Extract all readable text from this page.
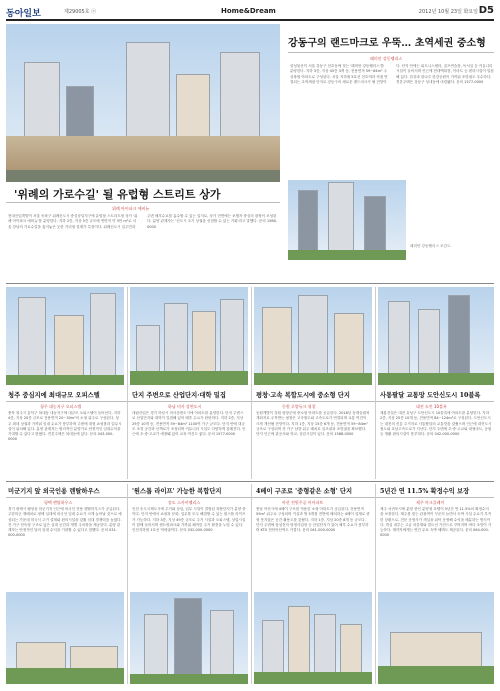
동아일보	제29005호 ⓔ	Home&Dream	2012년 10월 23일 화요일 D5
'위례의 가로수길' 될 유럽형 스트리트 상가
위례 아이파크 애비뉴
현대산업개발이 서울 송파구 위례신도시 중심상업지구에 유럽형 스트리트형 상가 '위례 아이파크 애비뉴'를 분양한다. 지하 2층, 지상 5층 규모에 연면적 약 3만 m²로 서울 강남의 가로수길을 옮겨놓은 듯한 거리형 설계가 특징이다. 위례신도시 입주민과 주변 배후수요를 흡수할 수 있는 입지로, 상가 전면에는 보행자 중심의 광장이 조성된다. 분양 관계자는 '신도시 초기 상권을 선점할 수 있는 기회'라고 말했다. 문의 1588-0000
강동구의 랜드마크로 우뚝… 초역세권 중소형
래미안 강동팰리스
삼성물산이 서울 강동구 천호동에 짓는 '래미안 강동팰리스'를 분양한다. 지하 3층, 지상 45층 3개 동, 전용면적 59~84m² 주상복합 아파트로 구성된다. 서울 지하철 5호선 천호역과 직접 연결되는 초역세권 단지로 강동구의 새로운 랜드마크가 될 전망이다. 단지 안에는 피트니스센터, 골프연습장, 독서실 등 커뮤니티 시설이 들어서며 인근에 현대백화점, 이마트 등 편의시설이 밀집해 있다. 한강과 광나루 한강공원이 가까워 조망권도 우수하다. 견본주택은 강동구 성내동에 마련됐다. 문의 1577-0000
래미안 강동팰리스 조감도.
청주 중심지에 최대규모 오피스텔	단지 주변으로 산업단지·대학 밀집	평창·고속 복합도시에 중소형 단지	사통팔달 교통망 도안신도시 10블록
청주 대농지구 오피스텔	하남 미사 강변도시	동원 로얄듀크 평창	대전 도안 10블록
충북 청주시 흥덕구 복대동 대농지구에 대규모 오피스텔이 들어선다. 지하 4층, 지상 20층 규모로 전용면적 20~30m²의 소형 위주로 구성된다. 청주 최대 상권과 가까워 임대 수요가 풍부하며 주변에 대형 쇼핑몰과 업무시설이 위치해 있다. 분양 관계자는 합리적인 분양가로 안정적인 임대수익을 기대할 수 있다고 밝혔다. 견본주택은 복대동에 있다. 문의 043-000-0000
대림산업은 경기 하남시 미사강변도시에 아파트를 분양한다. 단지 주변으로 산업단지와 대학이 밀집해 있어 배후 수요가 탄탄하다. 지하 2층, 지상 29층 10개 동, 전용면적 59~84m² 1100여 가구 규모다. 단지 안에 대규모 조경 공간과 산책로가 조성되며 커뮤니티 시설도 다양하게 갖춰진다. 인근에 초·중·고교가 예정돼 있어 교육 여건도 좋다. 문의 1577-0000
동원개발이 강원 평창군에 중소형 아파트를 공급한다. 2018년 동계올림픽 개최지로 주목받는 평창은 고속철도와 고속도로가 연결되며 교통 여건이 크게 개선될 전망이다. 지하 1층, 지상 15층 6개 동, 전용면적 59~84m² 규모로 구성되며 전 가구 남향 위주 배치로 일조권과 조망권을 확보했다. 단지 인근에 관공서와 학교, 상업시설이 있다. 문의 1588-0000
계룡건설은 대전 유성구 도안신도시 10블록에 아파트를 분양한다. 지하 2층, 지상 25층 10개 동, 전용면적 84~124m²로 구성된다. 도안신도시는 대전의 신흥 주거지로 사통팔달의 교통망을 갖췄으며 인근에 대전도시철도와 호남고속도로가 지난다. 단지 주변에 초·중·고교와 대형마트, 공원 등 생활 편의시설이 풍부하다. 문의 042-000-0000
미군기지 앞 외국인용 렌탈하우스	'원스톱 라이프' 가능한 복합단지	4베이 구조로 '중형같은 소형' 단지	5년간 연 11.5% 확정수익 보장
평택 렌탈하우스	송도 스카이팰리스	아산 전원주공 이아파트	제주 아크플레이
경기 평택시 팽성읍 미군기지 인근에 외국인 전용 렌탈하우스가 공급된다. 주한미군 재배치로 평택 일대에 외국인 임대 수요가 크게 늘어날 것으로 예상되는 가운데 미국식 주거 설계와 편의시설을 갖춰 임대 경쟁력을 높였다. 전 가구 단독형 구조로 넓은 실내 공간과 개별 주차장을 제공한다. 분양 관계자는 안정적인 달러 임대 수익을 기대할 수 있다고 말했다. 문의 031-000-0000
인천 송도국제도시에 주거와 상업, 업무 시설이 결합된 복합단지가 분양 중이다. 단지 안에서 쇼핑과 문화, 업무를 모두 해결할 수 있는 원스톱 라이프가 가능하다. 지하 3층, 지상 49층 규모로 주거 시설과 오피스텔, 상업시설이 함께 들어서며 센트럴파크와 가까워 쾌적한 주거 환경을 누릴 수 있다. 인천지하철 1호선 역세권이다. 문의 032-000-0000
충남 아산시에 4베이 구조를 적용한 소형 아파트가 공급된다. 전용면적 59m² 위주로 구성되며 거실과 방 3개를 전면에 배치하는 4베이 설계로 중형 못지않은 공간 활용도를 갖췄다. 지하 1층, 지상 20층 8개 동 규모다. 단지 주변에 삼성전자 탕정사업장 등 산업단지가 있어 배후 수요가 풍부하며 KTX 천안아산역도 가깝다. 문의 041-000-0000
제주 서귀포시에 분양 중인 분양형 호텔이 5년간 연 11.5%의 확정수익을 보장한다. 제주를 찾는 관광객이 꾸준히 늘면서 숙박 시설 수요가 부족한 상황으로, 전문 운영사가 객실을 위탁 운영해 수익을 배분하는 방식이다. 객실 내부는 고급 마감재와 빌트인 가전으로 꾸며지며 바다 조망이 가능하다. 계약자에게는 연간 무료 숙박 혜택도 제공된다. 문의 064-000-0000
